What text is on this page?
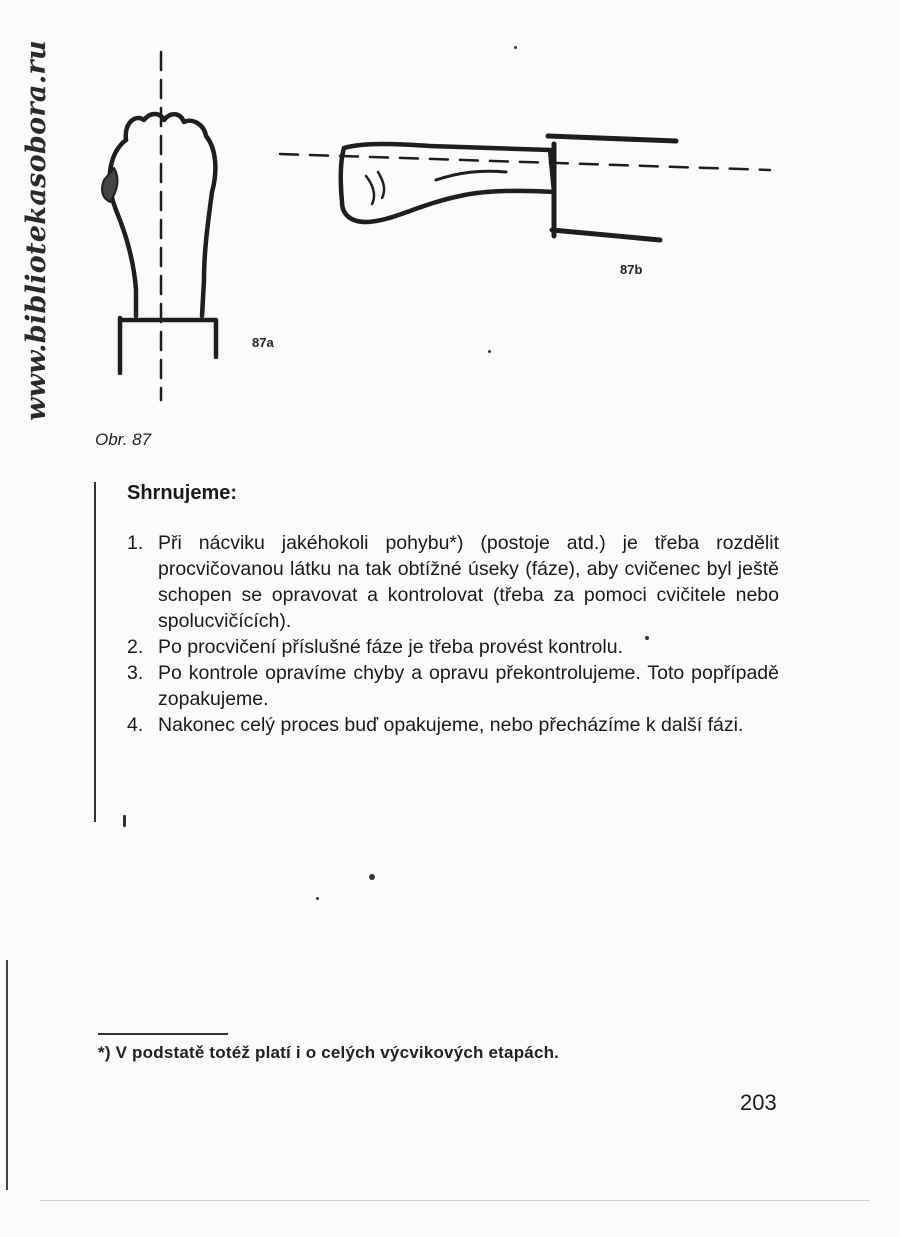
www.bibliotekasobora.ru	87a
87b
Obr. 87
Shrnujeme:
1. Při nácviku jakéhokoli pohybu*) (postoje atd.) je třeba rozdělit procvičovanou látku na tak obtížné úseky (fáze), aby cvičenec byl ještě schopen se opravovat a kontrolovat (třeba za pomoci cvičitele nebo spolucvičících).
2. Po procvičení příslušné fáze je třeba provést kontrolu.
3. Po kontrole opravíme chyby a opravu překontrolujeme. Toto popřípadě zopakujeme.
4. Nakonec celý proces buď opakujeme, nebo přecházíme k další fázi.
*) V podstatě totéž platí i o celých výcvikových etapách.
203
